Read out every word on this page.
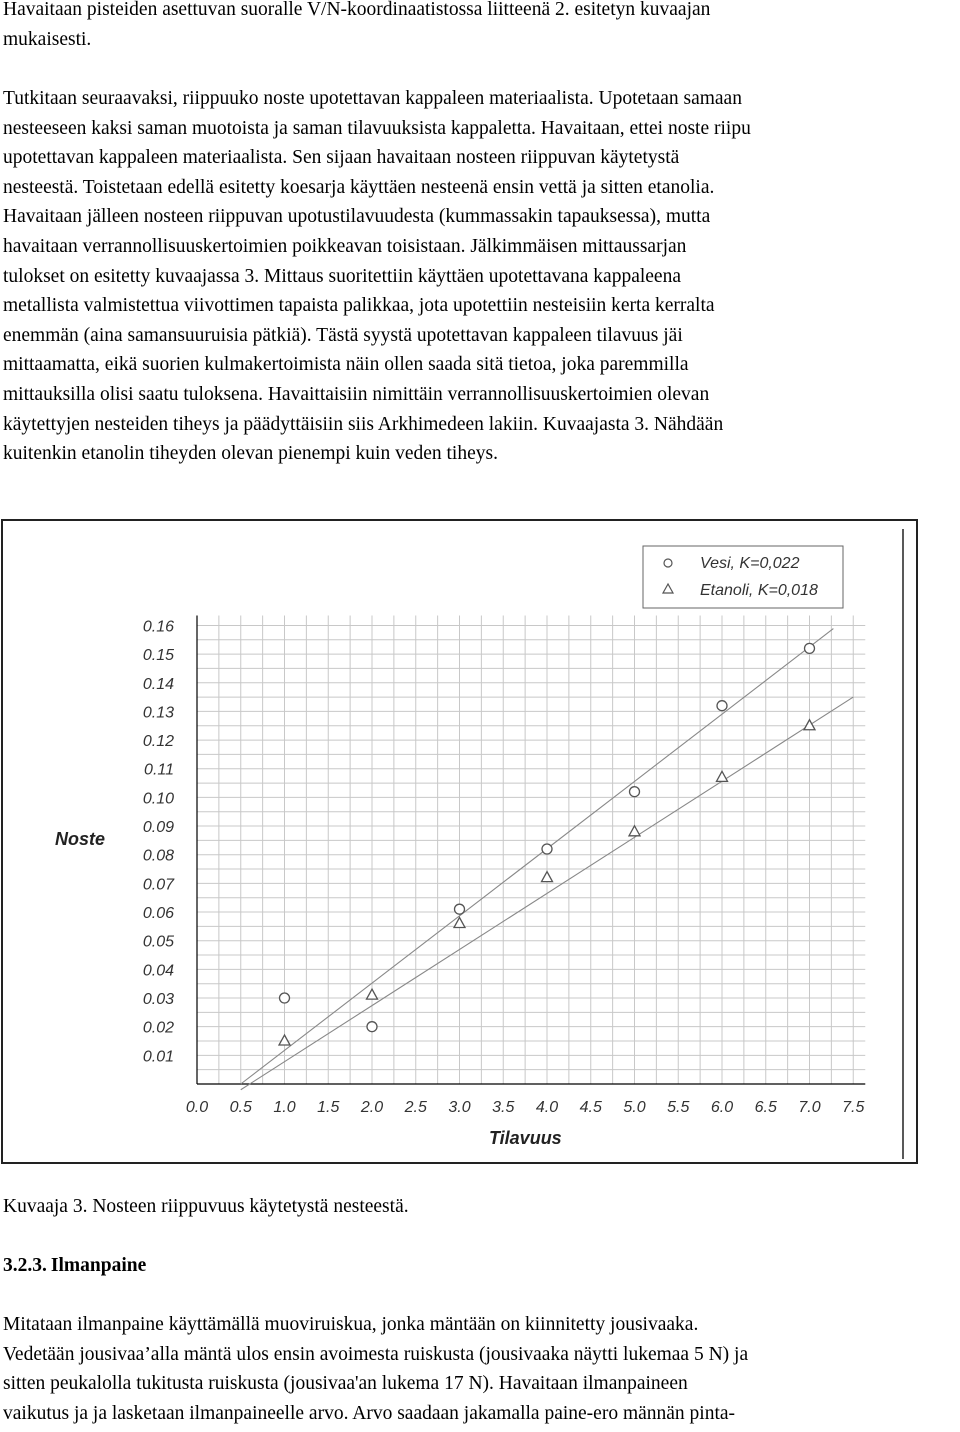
Havaitaan pisteiden asettuvan suoralle V/N-koordinaatistossa liitteenä 2. esitetyn kuvaajan
mukaisesti.
Tutkitaan seuraavaksi, riippuuko noste upotettavan kappaleen materiaalista. Upotetaan samaan
nesteeseen kaksi saman muotoista ja saman tilavuuksista kappaletta. Havaitaan, ettei noste riipu
upotettavan kappaleen materiaalista. Sen sijaan havaitaan nosteen riippuvan käytetystä
nesteestä. Toistetaan edellä esitetty koesarja käyttäen nesteenä ensin vettä ja sitten etanolia.
Havaitaan jälleen nosteen riippuvan upotustilavuudesta (kummassakin tapauksessa), mutta
havaitaan verrannollisuuskertoimien poikkeavan toisistaan. Jälkimmäisen mittaussarjan
tulokset on esitetty kuvaajassa 3. Mittaus suoritettiin käyttäen upotettavana kappaleena
metallista valmistettua viivottimen tapaista palikkaa, jota upotettiin nesteisiin kerta kerralta
enemmän (aina samansuuruisia pätkiä). Tästä syystä upotettavan kappaleen tilavuus jäi
mittaamatta, eikä suorien kulmakertoimista näin ollen saada sitä tietoa, joka paremmilla
mittauksilla olisi saatu tuloksena. Havaittaisiin nimittäin verrannollisuuskertoimien olevan
käytettyjen nesteiden tiheys ja päädyttäisiin siis Arkhimedeen lakiin. Kuvaajasta 3. Nähdään
kuitenkin etanolin tiheyden olevan pienempi kuin veden tiheys.
0.0 0.5 1.0 1.5 2.0 2.5 3.0 3.5 4.0 4.5 5.0 5.5 6.0 6.5 7.0 7.5
0.01
0.02
0.03
0.04
0.05
0.06
0.07
0.08
0.09
0.10
0.11
0.12
0.13
0.14
0.15
0.16
Noste
Tilavuus
Vesi, K=0,022
Etanoli, K=0,018

Kuvaaja 3. Nosteen riippuvuus käytetystä nesteestä.

3.2.3. Ilmanpaine

Mitataan ilmanpaine käyttämällä muoviruiskua, jonka mäntään on kiinnitetty jousivaaka.
Vedetään jousivaa’alla mäntä ulos ensin avoimesta ruiskusta (jousivaaka näytti lukemaa 5 N) ja
sitten peukalolla tukitusta ruiskusta (jousivaa'an lukema 17 N). Havaitaan ilmanpaineen
vaikutus ja ja lasketaan ilmanpaineelle arvo. Arvo saadaan jakamalla paine-ero männän pinta-
